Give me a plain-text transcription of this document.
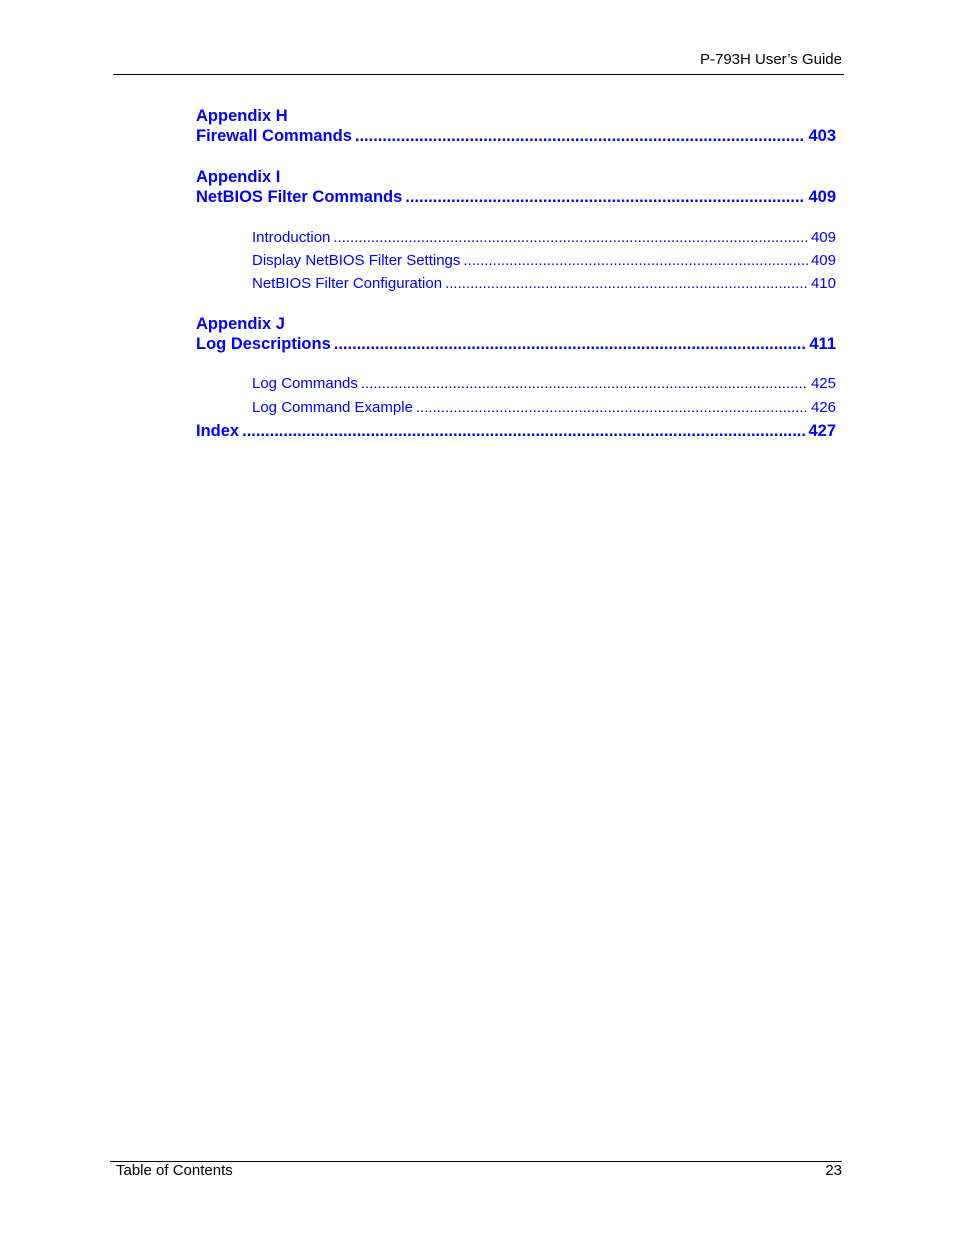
P-793H User’s Guide
Appendix H
Firewall Commands .....	403
Appendix I
NetBIOS Filter Commands .....	409
Introduction .....	409
Display NetBIOS Filter Settings .....	409
NetBIOS Filter Configuration .....	410
Appendix J
Log Descriptions .....	411
Log Commands .....	425
Log Command Example .....	426
Index .....	427
Table of Contents	23
